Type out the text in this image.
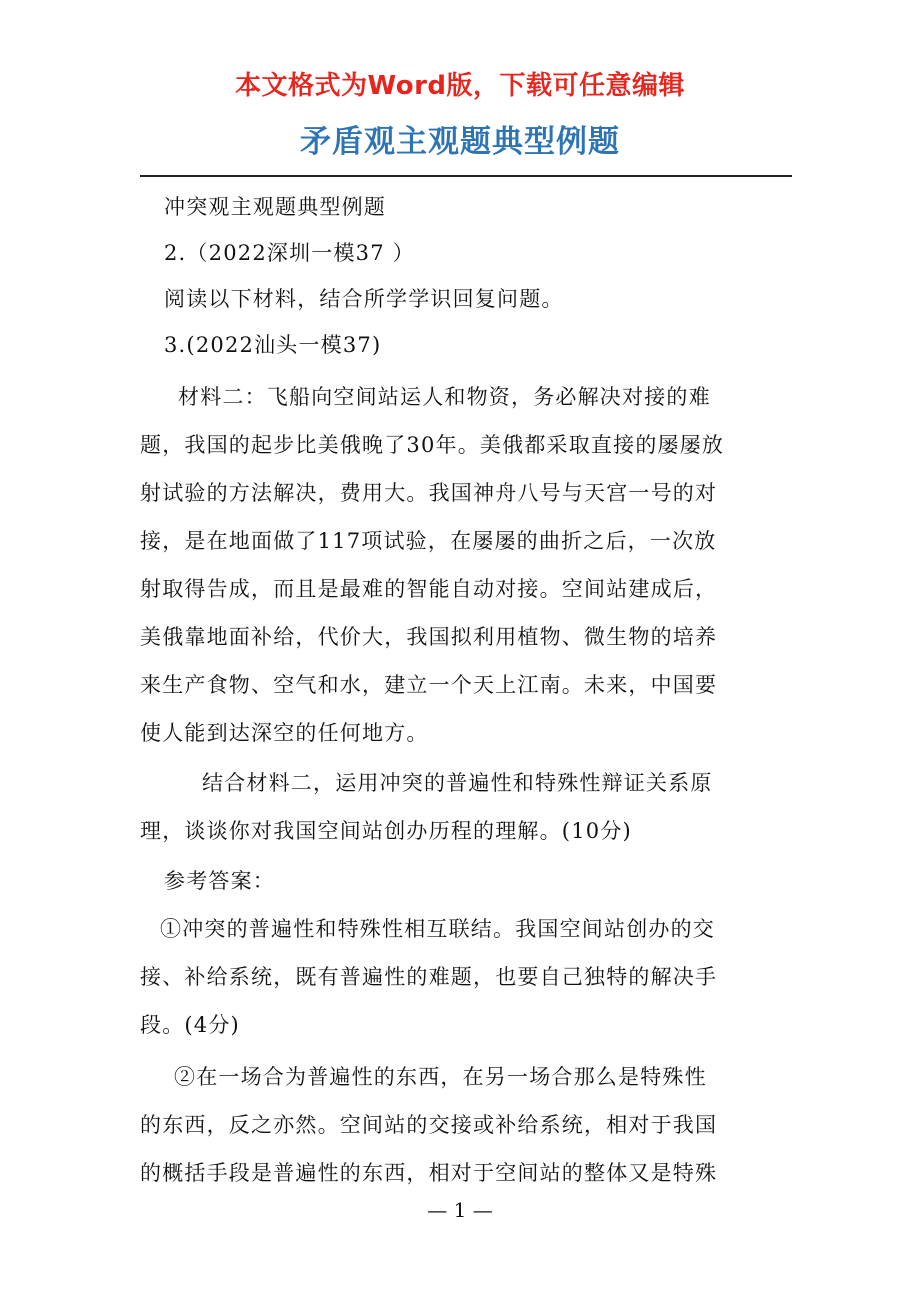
本文格式为Word版，下载可任意编辑
矛盾观主观题典型例题
冲突观主观题典型例题
2.（2022深圳一模37 ）
阅读以下材料，结合所学学识回复问题。
3.(2022汕头一模37)
材料二：飞船向空间站运人和物资，务必解决对接的难
题，我国的起步比美俄晚了30年。美俄都采取直接的屡屡放
射试验的方法解决，费用大。我国神舟八号与天宫一号的对
接，是在地面做了117项试验，在屡屡的曲折之后，一次放
射取得告成，而且是最难的智能自动对接。空间站建成后，
美俄靠地面补给，代价大，我国拟利用植物、微生物的培养
来生产食物、空气和水，建立一个天上江南。未来，中国要
使人能到达深空的任何地方。
结合材料二，运用冲突的普遍性和特殊性辩证关系原
理，谈谈你对我国空间站创办历程的理解。(10分)
参考答案：
①冲突的普遍性和特殊性相互联结。我国空间站创办的交
接、补给系统，既有普遍性的难题，也要自己独特的解决手
段。(4分)
②在一场合为普遍性的东西，在另一场合那么是特殊性
的东西，反之亦然。空间站的交接或补给系统，相对于我国
的概括手段是普遍性的东西，相对于空间站的整体又是特殊
— 1 —
